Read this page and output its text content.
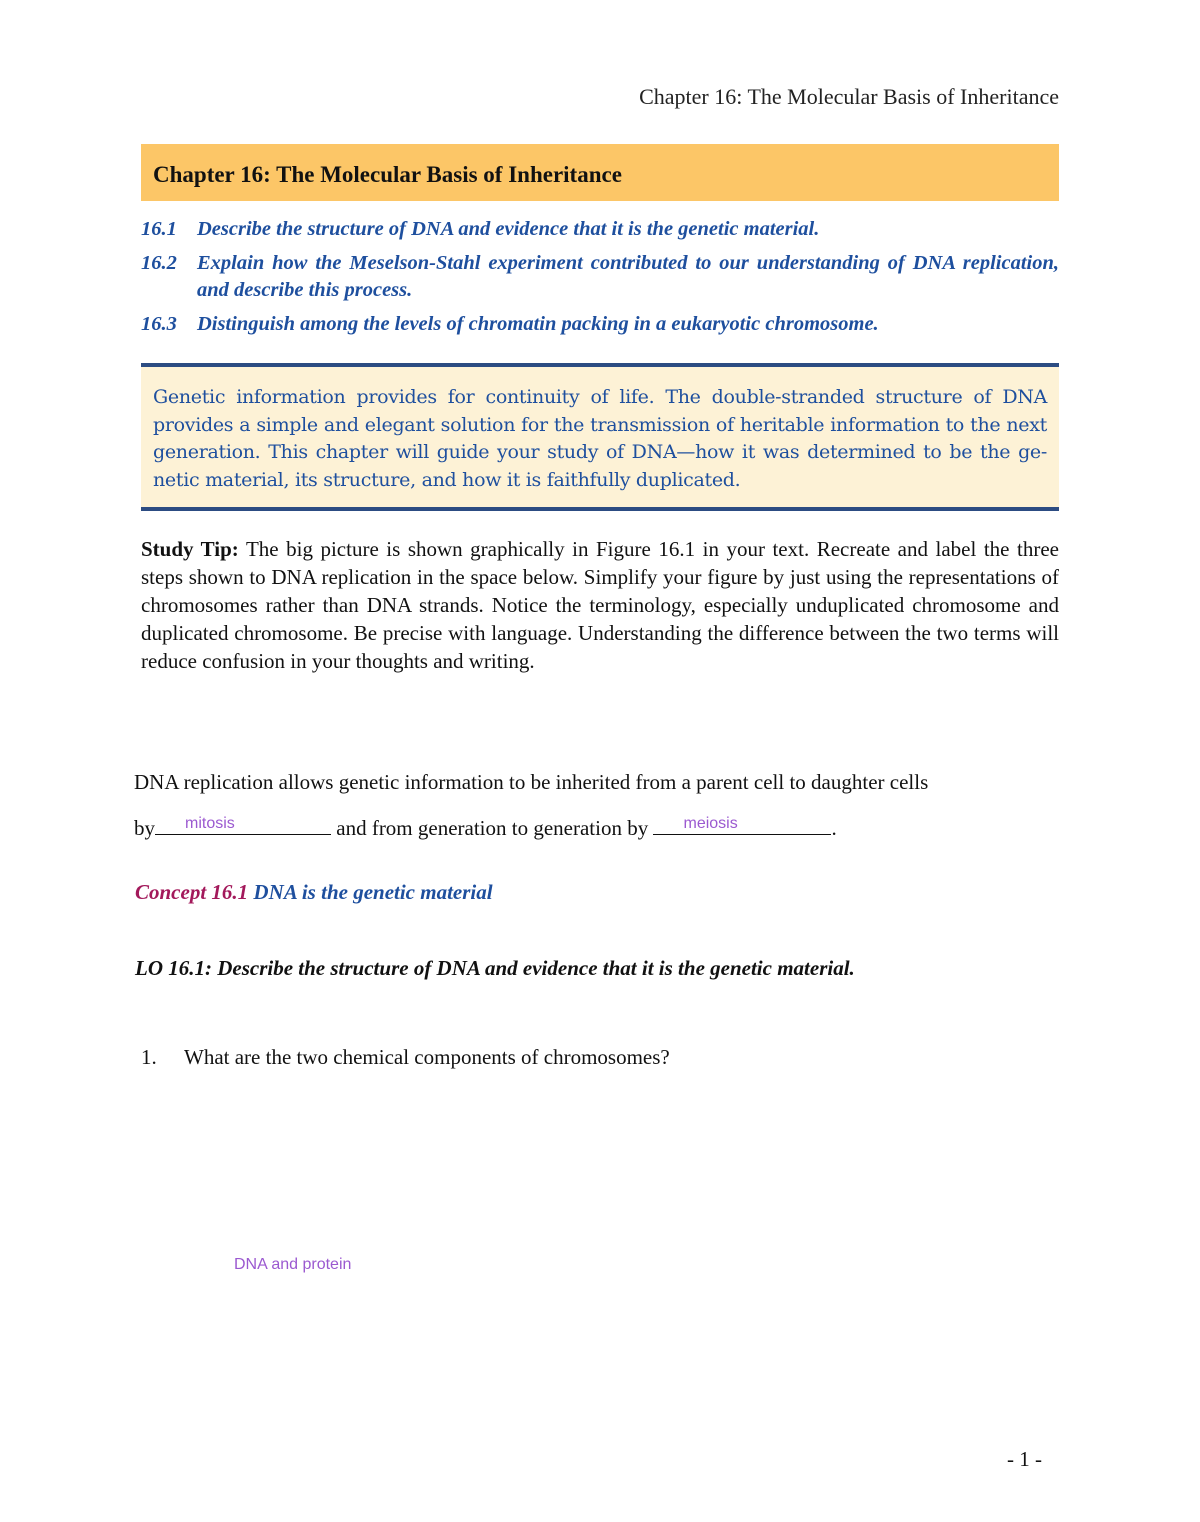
Chapter 16: The Molecular Basis of Inheritance
Chapter 16: The Molecular Basis of Inheritance
16.1 Describe the structure of DNA and evidence that it is the genetic material.
16.2 Explain how the Meselson-Stahl experiment contributed to our understanding of DNA replication, and describe this process.
16.3 Distinguish among the levels of chromatin packing in a eukaryotic chromosome.

Genetic information provides for continuity of life. The double-stranded structure of DNA provides a simple and elegant solution for the transmission of heritable information to the next generation. This chapter will guide your study of DNA—how it was determined to be the ge-netic material, its structure, and how it is faithfully duplicated.

Study Tip: The big picture is shown graphically in Figure 16.1 in your text. Recreate and label the three steps shown to DNA replication in the space below. Simplify your figure by just using the representations of chromosomes rather than DNA strands. Notice the terminology, especially unduplicated chromosome and duplicated chromosome. Be precise with language. Understanding the difference between the two terms will reduce confusion in your thoughts and writing.

DNA replication allows genetic information to be inherited from a parent cell to daughter cells

by mitosis	and from generation to generation by meiosis	.

Concept 16.1 DNA is the genetic material
LO 16.1: Describe the structure of DNA and evidence that it is the genetic material.
1.	What are the two chemical components of chromosomes?
DNA and protein
- 1 -
